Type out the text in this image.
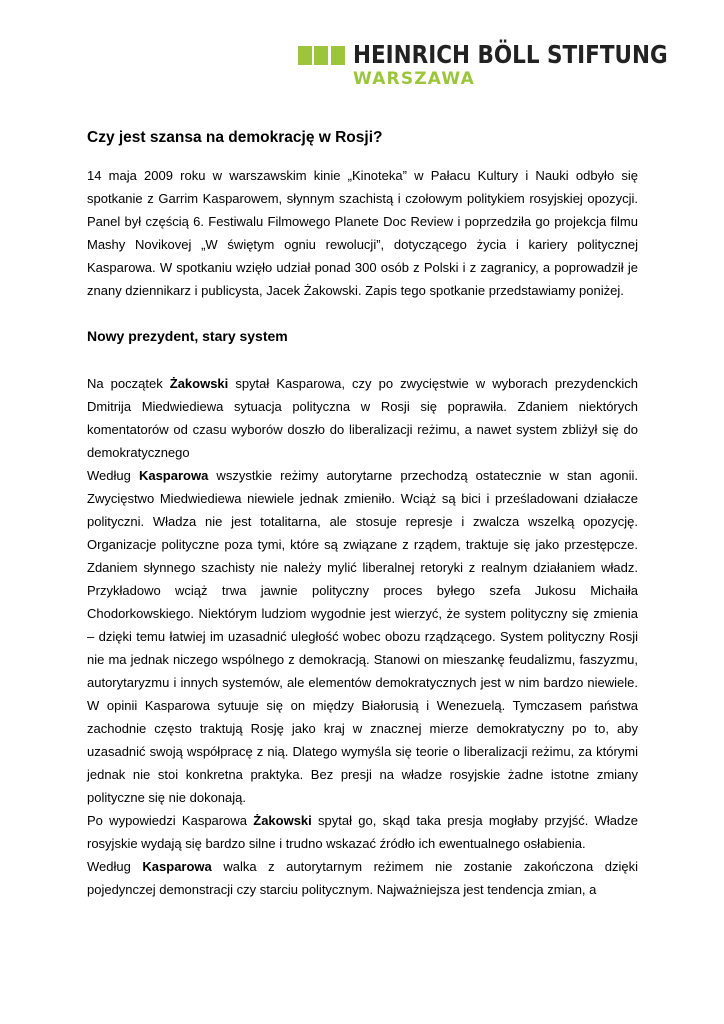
HEINRICH BÖLL STIFTUNG
WARSZAWA
Czy jest szansa na demokrację w Rosji?

14 maja 2009 roku w warszawskim kinie „Kinoteka” w Pałacu Kultury i Nauki odbyło się spotkanie z Garrim Kasparowem, słynnym szachistą i czołowym politykiem rosyjskiej opozycji. Panel był częścią 6. Festiwalu Filmowego Planete Doc Review i poprzedziła go projekcja filmu Mashy Novikovej „W świętym ogniu rewolucji”, dotyczącego życia i kariery politycznej Kasparowa. W spotkaniu wzięło udział ponad 300 osób z Polski i z zagranicy, a poprowadził je znany dziennikarz i publicysta, Jacek Żakowski. Zapis tego spotkanie przedstawiamy poniżej.

Nowy prezydent, stary system

Na początek Żakowski spytał Kasparowa, czy po zwycięstwie w wyborach prezydenckich Dmitrija Miedwiediewa sytuacja polityczna w Rosji się poprawiła. Zdaniem niektórych komentatorów od czasu wyborów doszło do liberalizacji reżimu, a nawet system zbliżył się do demokratycznego

Według Kasparowa wszystkie reżimy autorytarne przechodzą ostatecznie w stan agonii. Zwycięstwo Miedwiediewa niewiele jednak zmieniło. Wciąż są bici i prześladowani działacze polityczni. Władza nie jest totalitarna, ale stosuje represje i zwalcza wszelką opozycję. Organizacje polityczne poza tymi, które są związane z rządem, traktuje się jako przestępcze. Zdaniem słynnego szachisty nie należy mylić liberalnej retoryki z realnym działaniem władz. Przykładowo wciąż trwa jawnie polityczny proces byłego szefa Jukosu Michaiła Chodorkowskiego. Niektórym ludziom wygodnie jest wierzyć, że system polityczny się zmienia – dzięki temu łatwiej im uzasadnić uległość wobec obozu rządzącego. System polityczny Rosji nie ma jednak niczego wspólnego z demokracją. Stanowi on mieszankę feudalizmu, faszyzmu, autorytaryzmu i innych systemów, ale elementów demokratycznych jest w nim bardzo niewiele. W opinii Kasparowa sytuuje się on między Białorusią i Wenezuelą. Tymczasem państwa zachodnie często traktują Rosję jako kraj w znacznej mierze demokratyczny po to, aby uzasadnić swoją współpracę z nią. Dlatego wymyśla się teorie o liberalizacji reżimu, za którymi jednak nie stoi konkretna praktyka. Bez presji na władze rosyjskie żadne istotne zmiany polityczne się nie dokonają.

Po wypowiedzi Kasparowa Żakowski spytał go, skąd taka presja mogłaby przyjść. Władze rosyjskie wydają się bardzo silne i trudno wskazać źródło ich ewentualnego osłabienia.

Według Kasparowa walka z autorytarnym reżimem nie zostanie zakończona dzięki pojedynczej demonstracji czy starciu politycznym. Najważniejsza jest tendencja zmian, a
